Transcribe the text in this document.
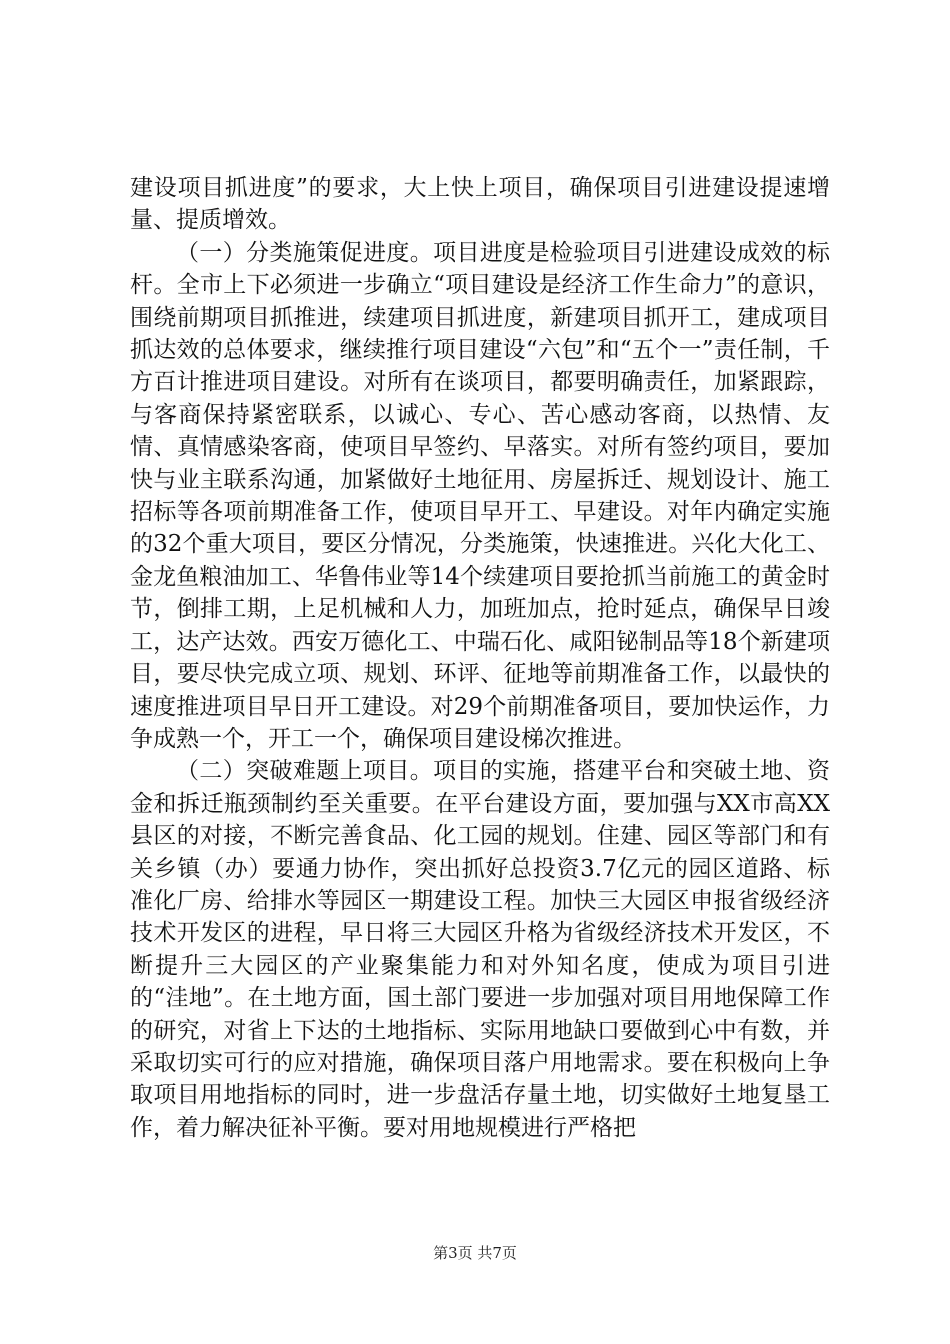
建设项目抓进度”的要求，大上快上项目，确保项目引进建设提速增量、提质增效。

（一）分类施策促进度。项目进度是检验项目引进建设成效的标杆。全市上下必须进一步确立“项目建设是经济工作生命力”的意识，围绕前期项目抓推进，续建项目抓进度，新建项目抓开工，建成项目抓达效的总体要求，继续推行项目建设“六包”和“五个一”责任制，千方百计推进项目建设。对所有在谈项目，都要明确责任，加紧跟踪，与客商保持紧密联系，以诚心、专心、苦心感动客商，以热情、友情、真情感染客商，使项目早签约、早落实。对所有签约项目，要加快与业主联系沟通，加紧做好土地征用、房屋拆迁、规划设计、施工招标等各项前期准备工作，使项目早开工、早建设。对年内确定实施的32个重大项目，要区分情况，分类施策，快速推进。兴化大化工、金龙鱼粮油加工、华鲁伟业等14个续建项目要抢抓当前施工的黄金时节，倒排工期，上足机械和人力，加班加点，抢时延点，确保早日竣工，达产达效。西安万德化工、中瑞石化、咸阳铋制品等18个新建项目，要尽快完成立项、规划、环评、征地等前期准备工作，以最快的速度推进项目早日开工建设。对29个前期准备项目，要加快运作，力争成熟一个，开工一个，确保项目建设梯次推进。

（二）突破难题上项目。项目的实施，搭建平台和突破土地、资金和拆迁瓶颈制约至关重要。在平台建设方面，要加强与XX市高XX县区的对接，不断完善食品、化工园的规划。住建、园区等部门和有关乡镇（办）要通力协作，突出抓好总投资3.7亿元的园区道路、标准化厂房、给排水等园区一期建设工程。加快三大园区申报省级经济技术开发区的进程，早日将三大园区升格为省级经济技术开发区，不断提升三大园区的产业聚集能力和对外知名度，使成为项目引进的“洼地”。在土地方面，国土部门要进一步加强对项目用地保障工作的研究，对省上下达的土地指标、实际用地缺口要做到心中有数，并采取切实可行的应对措施，确保项目落户用地需求。要在积极向上争取项目用地指标的同时，进一步盘活存量土地，切实做好土地复垦工作，着力解决征补平衡。要对用地规模进行严格把

第3页 共7页
